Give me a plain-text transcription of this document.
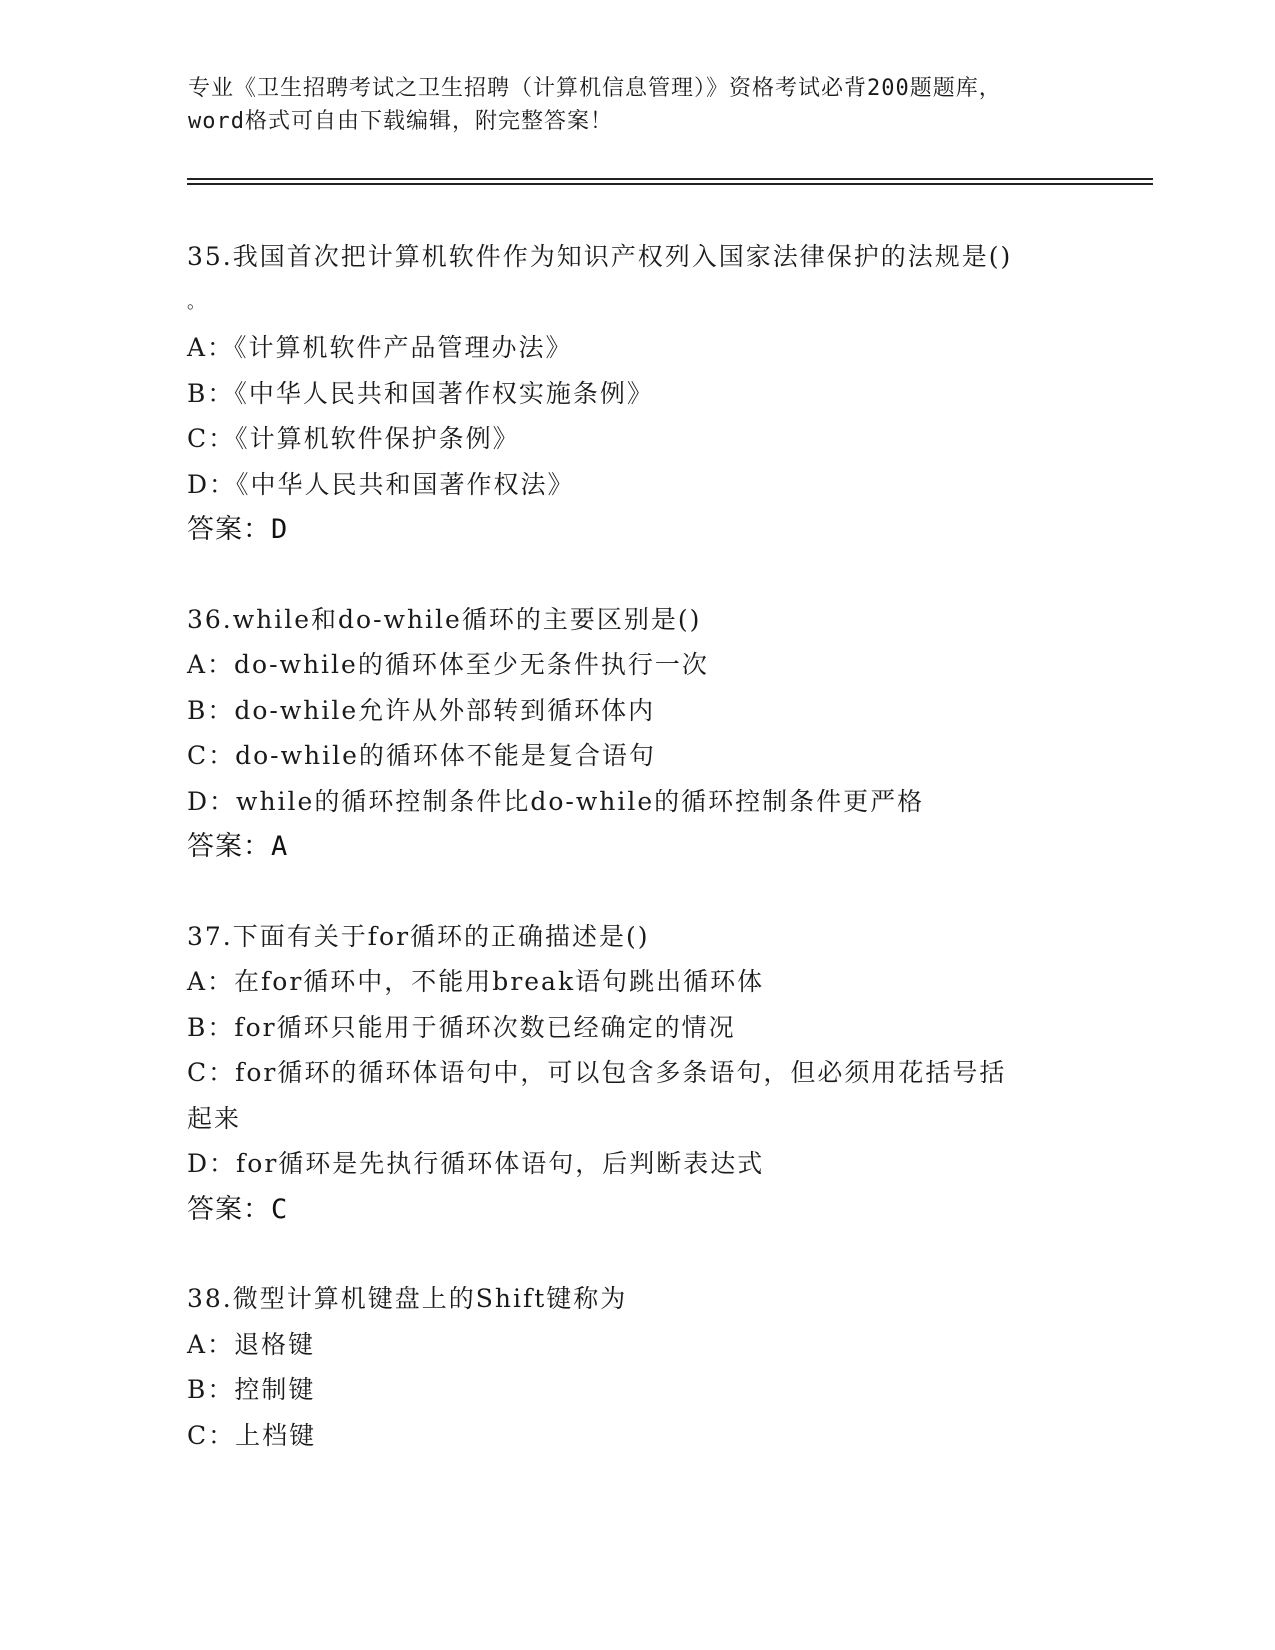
专业《卫生招聘考试之卫生招聘（计算机信息管理）》资格考试必背200题题库，
word格式可自由下载编辑，附完整答案！
35.我国首次把计算机软件作为知识产权列入国家法律保护的法规是()
。
A：《计算机软件产品管理办法》
B：《中华人民共和国著作权实施条例》
C：《计算机软件保护条例》
D：《中华人民共和国著作权法》
答案：D
36.while和do-while循环的主要区别是()
A：do-while的循环体至少无条件执行一次
B：do-while允许从外部转到循环体内
C：do-while的循环体不能是复合语句
D：while的循环控制条件比do-while的循环控制条件更严格
答案：A
37.下面有关于for循环的正确描述是()
A：在for循环中，不能用break语句跳出循环体
B：for循环只能用于循环次数已经确定的情况
C：for循环的循环体语句中，可以包含多条语句，但必须用花括号括
起来
D：for循环是先执行循环体语句，后判断表达式
答案：C
38.微型计算机键盘上的Shift键称为
A：退格键
B：控制键
C：上档键
